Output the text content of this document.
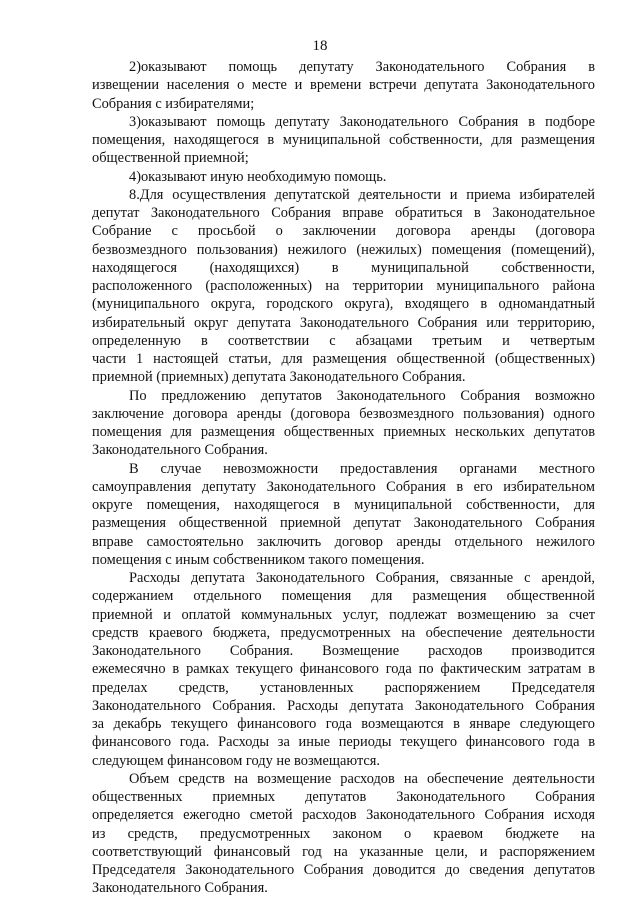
18

2)оказывают помощь депутату Законодательного Собрания в
извещении населения о месте и времени встречи депутата Законодательного
Собрания с избирателями;

3)оказывают помощь депутату Законодательного Собрания в подборе
помещения, находящегося в муниципальной собственности, для размещения
общественной приемной;

4)оказывают иную необходимую помощь.

8.Для осуществления депутатской деятельности и приема избирателей
депутат Законодательного Собрания вправе обратиться в Законодательное
Собрание с просьбой о заключении договора аренды (договора
безвозмездного пользования) нежилого (нежилых) помещения (помещений),
находящегося (находящихся) в муниципальной собственности,
расположенного (расположенных) на территории муниципального района
(муниципального округа, городского округа), входящего в одномандатный
избирательный округ депутата Законодательного Собрания или территорию,
определенную в соответствии с абзацами третьим и четвертым
части 1 настоящей статьи, для размещения общественной (общественных)
приемной (приемных) депутата Законодательного Собрания.

По предложению депутатов Законодательного Собрания возможно
заключение договора аренды (договора безвозмездного пользования) одного
помещения для размещения общественных приемных нескольких депутатов
Законодательного Собрания.

В случае невозможности предоставления органами местного
самоуправления депутату Законодательного Собрания в его избирательном
округе помещения, находящегося в муниципальной собственности, для
размещения общественной приемной депутат Законодательного Собрания
вправе самостоятельно заключить договор аренды отдельного нежилого
помещения с иным собственником такого помещения.

Расходы депутата Законодательного Собрания, связанные с арендой,
содержанием отдельного помещения для размещения общественной
приемной и оплатой коммунальных услуг, подлежат возмещению за счет
средств краевого бюджета, предусмотренных на обеспечение деятельности
Законодательного Собрания. Возмещение расходов производится
ежемесячно в рамках текущего финансового года по фактическим затратам в
пределах средств, установленных распоряжением Председателя
Законодательного Собрания. Расходы депутата Законодательного Собрания
за декабрь текущего финансового года возмещаются в январе следующего
финансового года. Расходы за иные периоды текущего финансового года в
следующем финансовом году не возмещаются.

Объем средств на возмещение расходов на обеспечение деятельности
общественных приемных депутатов Законодательного Собрания
определяется ежегодно сметой расходов Законодательного Собрания исходя
из средств, предусмотренных законом о краевом бюджете на
соответствующий финансовый год на указанные цели, и распоряжением
Председателя Законодательного Собрания доводится до сведения депутатов
Законодательного Собрания.
